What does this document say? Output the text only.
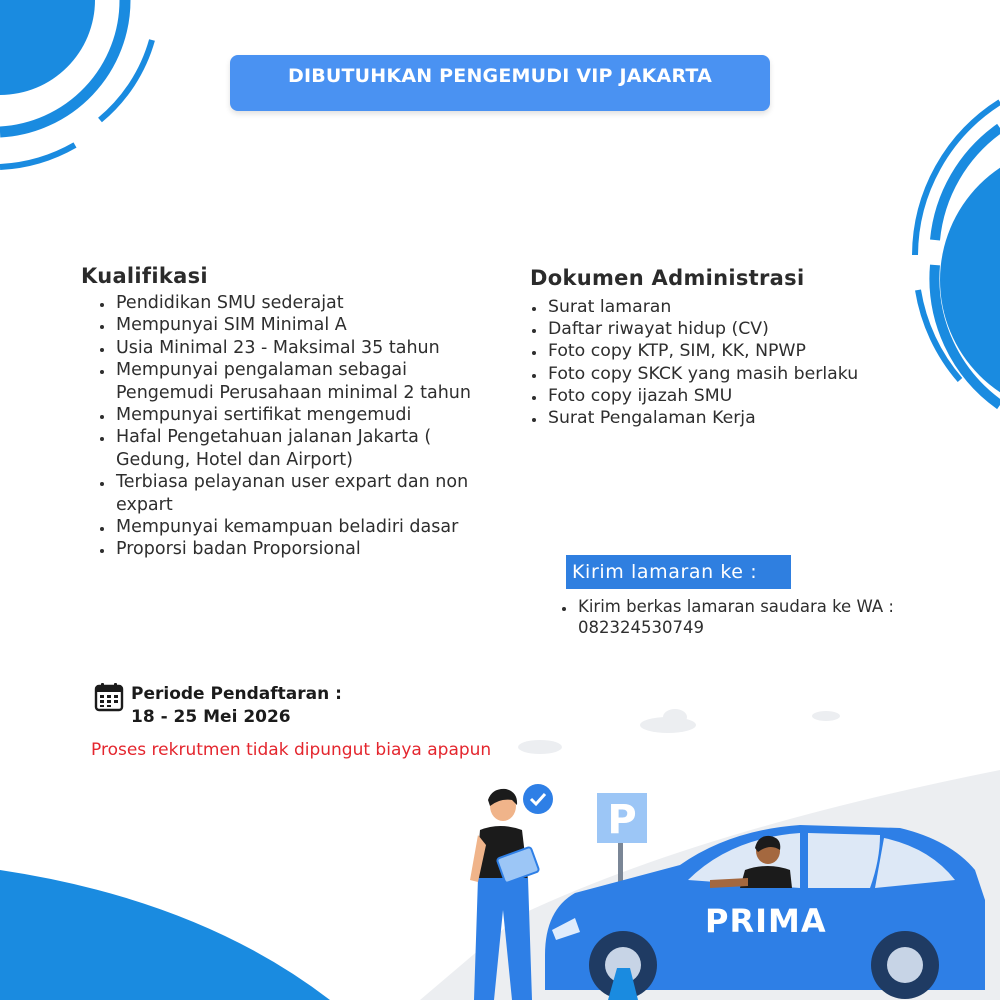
DIBUTUHKAN PENGEMUDI VIP JAKARTA
Kualifikasi
• Pendidikan SMU sederajat
• Mempunyai SIM Minimal A
• Usia Minimal 23 - Maksimal 35 tahun
• Mempunyai pengalaman sebagai Pengemudi Perusahaan minimal 2 tahun
• Mempunyai sertifikat mengemudi
• Hafal Pengetahuan jalanan Jakarta ( Gedung, Hotel dan Airport)
• Terbiasa pelayanan user expart dan non expart
• Mempunyai kemampuan beladiri dasar
• Proporsi badan Proporsional
Dokumen Administrasi
• Surat lamaran
• Daftar riwayat hidup (CV)
• Foto copy KTP, SIM, KK, NPWP
• Foto copy SKCK yang masih berlaku
• Foto copy ijazah SMU
• Surat Pengalaman Kerja
Kirim lamaran ke :
• Kirim berkas lamaran saudara ke WA : 082324530749
Periode Pendaftaran :
18 - 25 Mei 2026
Proses rekrutmen tidak dipungut biaya apapun
P
PRIMA
